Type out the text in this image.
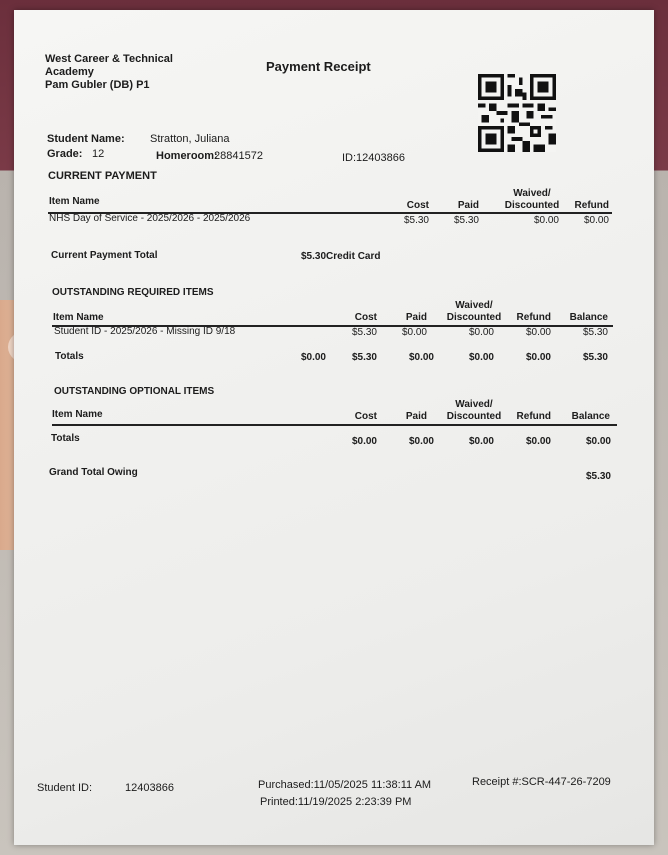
West Career & Technical
Academy
Pam Gubler (DB) P1
Payment Receipt
Student Name: Stratton, Juliana
Grade: 12	Homeroom:
28841572	ID:12403866
CURRENT PAYMENT
Waived/
Item Name	Cost	Paid	Discounted	Refund
NHS Day of Service - 2025/2026 - 2025/2026	$5.30	$5.30	$0.00	$0.00
Current Payment Total	$5.30Credit Card
OUTSTANDING REQUIRED ITEMS
Waived/
Item Name	Cost	Paid	Discounted	Refund	Balance
Student ID - 2025/2026 - Missing ID 9/18	$5.30	$0.00	$0.00	$0.00	$5.30
Totals	$0.00	$5.30	$0.00	$0.00	$0.00	$5.30
OUTSTANDING OPTIONAL ITEMS
Waived/
Item Name	Cost	Paid	Discounted	Refund	Balance
Totals	$0.00	$0.00	$0.00	$0.00	$0.00
Grand Total Owing	$5.30
Student ID:	12403866	Purchased:11/05/2025 11:38:11 AM
Printed:11/19/2025 2:23:39 PM
Receipt #:SCR-447-26-7209
